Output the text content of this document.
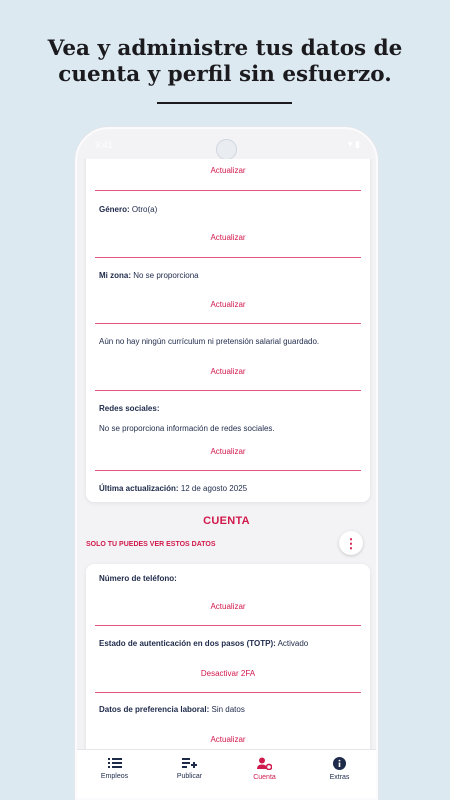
Vea y administre tus datos de
cuenta y perfil sin esfuerzo.
9:41	▾ ▮
Actualizar
Género: Otro(a)
Actualizar
Mi zona: No se proporciona
Actualizar
Aún no hay ningún currículum ni pretensión salarial guardado.
Actualizar
Redes sociales:
No se proporciona información de redes sociales.
Actualizar
Última actualización: 12 de agosto 2025
CUENTA
SOLO TU PUEDES VER ESTOS DATOS	⋮
Número de teléfono:
Actualizar
Estado de autenticación en dos pasos (TOTP): Activado
Desactivar 2FA
Datos de preferencia laboral: Sin datos
Actualizar
Empleos	Publicar	Cuenta	Extras
